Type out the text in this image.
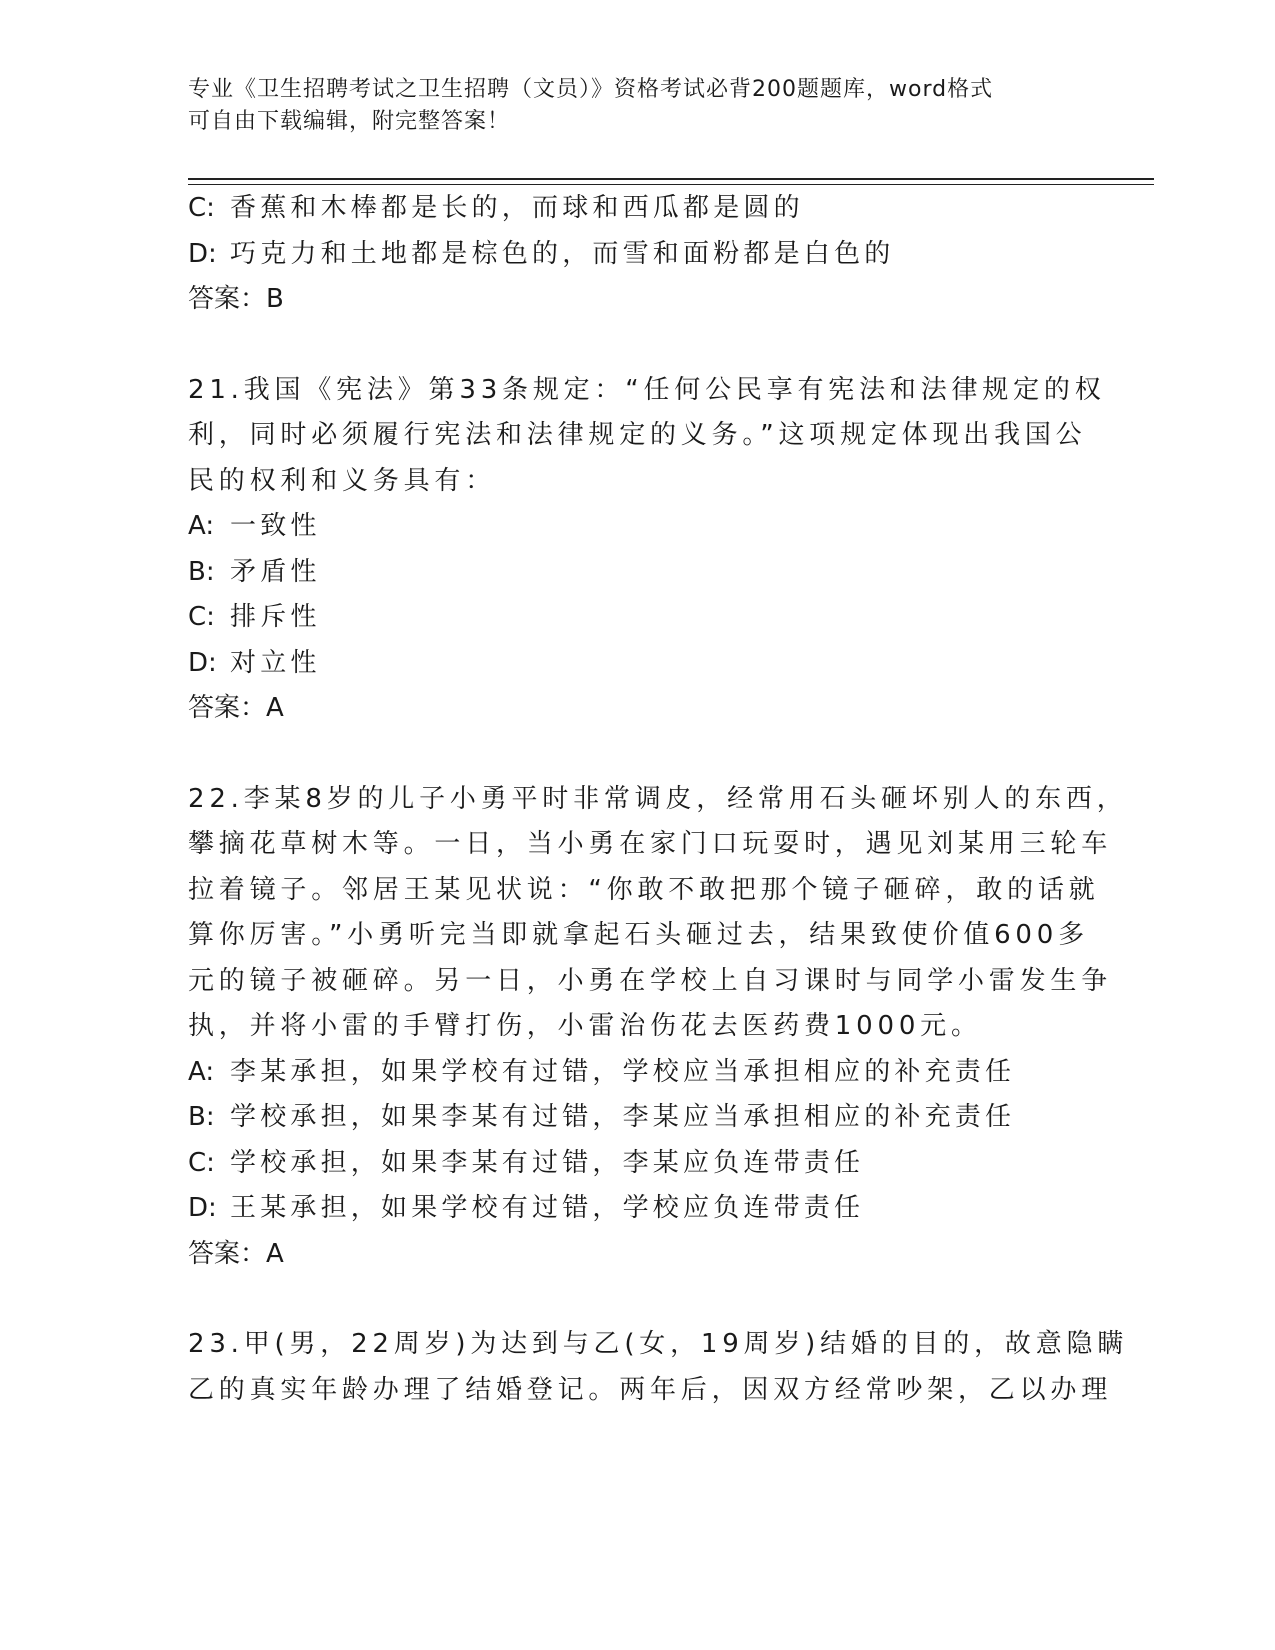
专业《卫生招聘考试之卫生招聘（文员）》资格考试必背200题题库，word格式
可自由下载编辑，附完整答案！
C: 香蕉和木棒都是长的，而球和西瓜都是圆的
D: 巧克力和土地都是棕色的，而雪和面粉都是白色的
答案：B
21.我国《宪法》第33条规定：“任何公民享有宪法和法律规定的权
利，同时必须履行宪法和法律规定的义务。”这项规定体现出我国公
民的权利和义务具有：
A: 一致性
B: 矛盾性
C: 排斥性
D: 对立性
答案：A
22.李某8岁的儿子小勇平时非常调皮，经常用石头砸坏别人的东西，
攀摘花草树木等。一日，当小勇在家门口玩耍时，遇见刘某用三轮车
拉着镜子。邻居王某见状说：“你敢不敢把那个镜子砸碎，敢的话就
算你厉害。”小勇听完当即就拿起石头砸过去，结果致使价值600多
元的镜子被砸碎。另一日，小勇在学校上自习课时与同学小雷发生争
执，并将小雷的手臂打伤，小雷治伤花去医药费1000元。
A: 李某承担，如果学校有过错，学校应当承担相应的补充责任
B: 学校承担，如果李某有过错，李某应当承担相应的补充责任
C: 学校承担，如果李某有过错，李某应负连带责任
D: 王某承担，如果学校有过错，学校应负连带责任
答案：A
23.甲(男，22周岁)为达到与乙(女，19周岁)结婚的目的，故意隐瞒
乙的真实年龄办理了结婚登记。两年后，因双方经常吵架，乙以办理
